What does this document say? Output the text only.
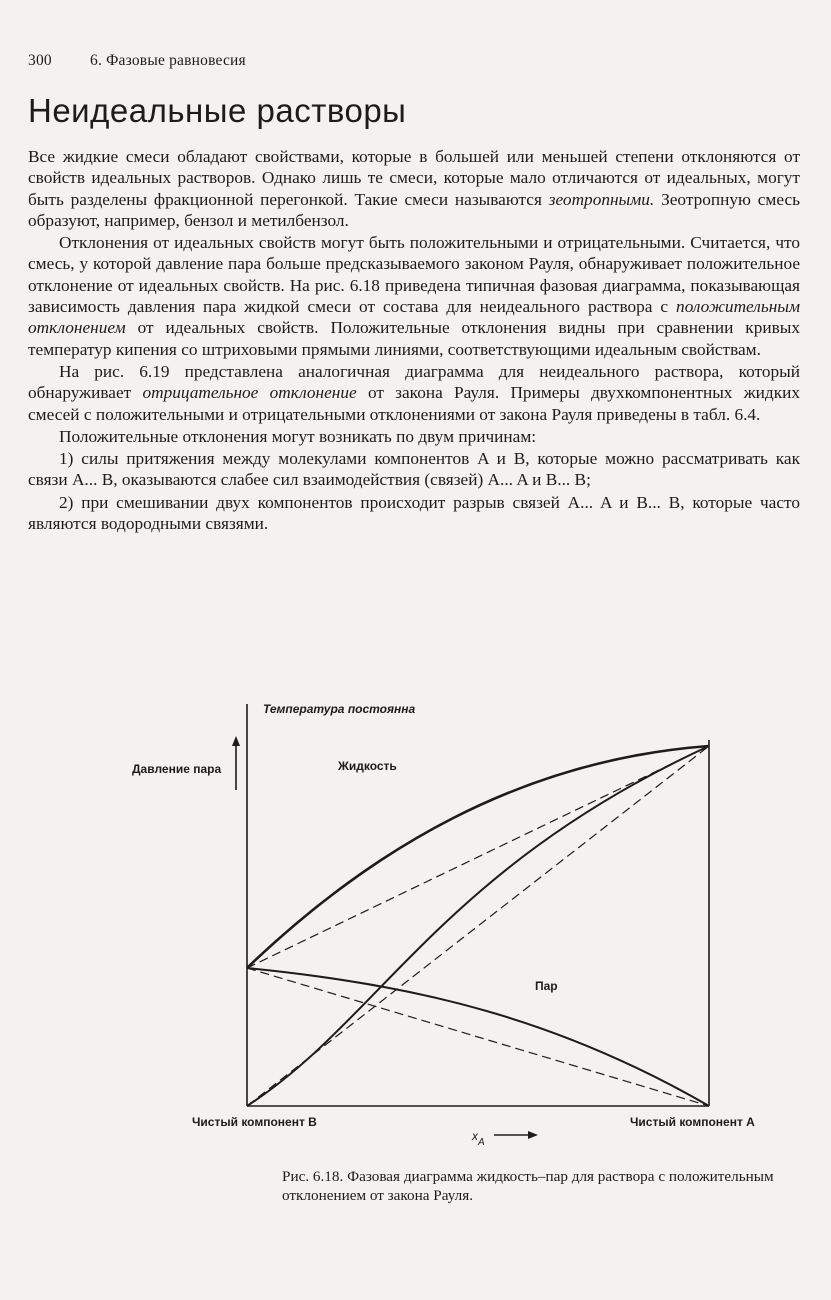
300 6. Фазовые равновесия
Неидеальные растворы

Все жидкие смеси обладают свойствами, которые в большей или меньшей степени отклоняются от свойств идеальных растворов. Однако лишь те смеси, которые мало отличаются от идеальных, могут быть разделены фракционной перегонкой. Такие смеси называются зеотропными. Зеотропную смесь образуют, например, бензол и метилбензол.

Отклонения от идеальных свойств могут быть положительными и отрицательными. Считается, что смесь, у которой давление пара больше предсказываемого законом Рауля, обнаруживает положительное отклонение от идеальных свойств. На рис. 6.18 приведена типичная фазовая диаграмма, показывающая зависимость давления пара жидкой смеси от состава для неидеального раствора с положительным отклонением от идеальных свойств. Положительные отклонения видны при сравнении кривых температур кипения со штриховыми прямыми линиями, соответствующими идеальным свойствам.

На рис. 6.19 представлена аналогичная диаграмма для неидеального раствора, который обнаруживает отрицательное отклонение от закона Рауля. Примеры двухкомпонентных жидких смесей с положительными и отрицательными отклонениями от закона Рауля приведены в табл. 6.4.

Положительные отклонения могут возникать по двум причинам:

1) силы притяжения между молекулами компонентов A и B, которые можно рассматривать как связи A... B, оказываются слабее сил взаимодействия (связей) A... A и B... B;

2) при смешивании двух компонентов происходит разрыв связей A... A и B... B, которые часто являются водородными связями.

Температура постоянна
Давление пара	Жидкость
Пар
Чистый компонент B	Чистый компонент A
$x_A$
Рис. 6.18. Фазовая диаграмма жидкость–пар для раствора с положительным отклонением от закона Рауля.
